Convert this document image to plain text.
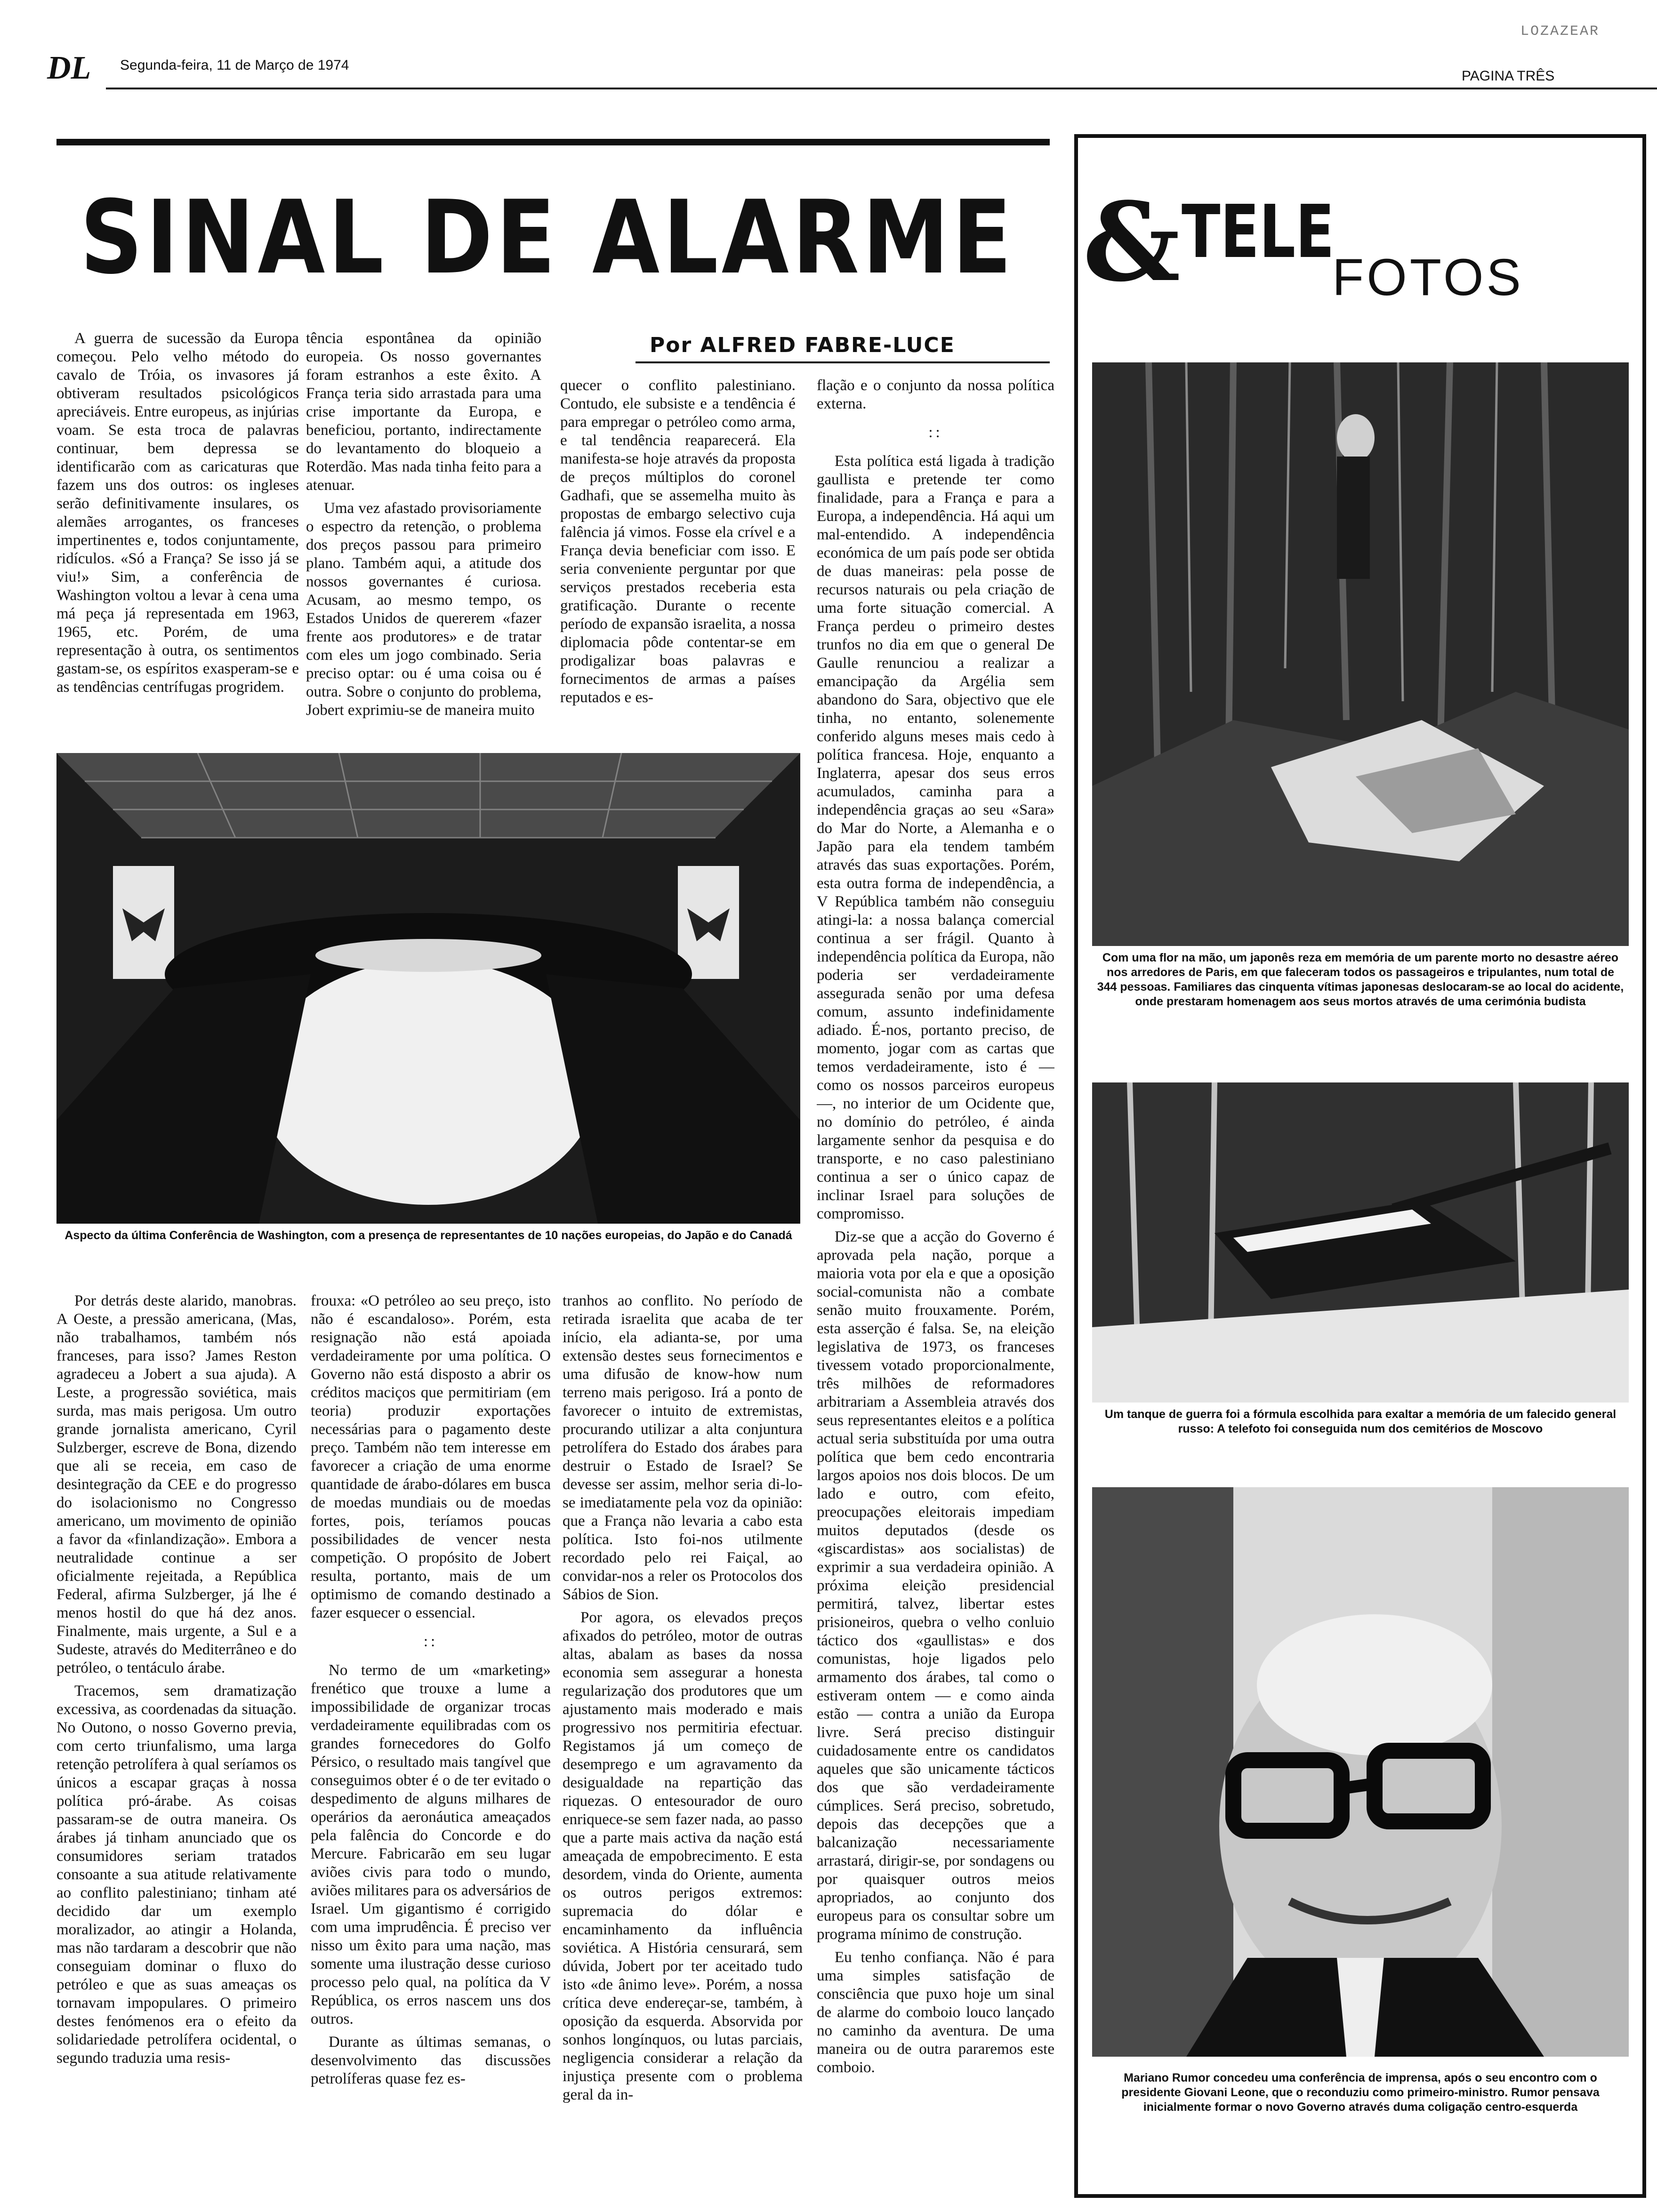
LOZAZEAR
DL Segunda-feira, 11 de Março de 1974
PAGINA TRÊS
SINAL DE ALARME
Por ALFRED FABRE-LUCE

A guerra de sucessão da Europa começou. Pelo velho método do cavalo de Tróia, os invasores já obtiveram resultados psicológicos apreciáveis. Entre europeus, as injúrias voam. Se esta troca de palavras continuar, bem depressa se identificarão com as caricaturas que fazem uns dos outros: os ingleses serão definitivamente insulares, os alemães arrogantes, os franceses impertinentes e, todos conjuntamente, ridículos. «Só a França? Se isso já se viu!» Sim, a conferência de Washington voltou a levar à cena uma má peça já representada em 1963, 1965, etc. Porém, de uma representação à outra, os sentimentos gastam-se, os espíritos exasperam-se e as tendências centrífugas progridem.

tência espontânea da opinião europeia. Os nosso governantes foram estranhos a este êxito. A França teria sido arrastada para uma crise importante da Europa, e beneficiou, portanto, indirectamente do levantamento do bloqueio a Roterdão. Mas nada tinha feito para a atenuar.

Uma vez afastado provisoriamente o espectro da retenção, o problema dos preços passou para primeiro plano. Também aqui, a atitude dos nossos governantes é curiosa. Acusam, ao mesmo tempo, os Estados Unidos de quererem «fazer frente aos produtores» e de tratar com eles um jogo combinado. Seria preciso optar: ou é uma coisa ou é outra. Sobre o conjunto do problema, Jobert exprimiu-se de maneira muito

quecer o conflito palestiniano. Contudo, ele subsiste e a tendência é para empregar o petróleo como arma, e tal tendência reaparecerá. Ela manifesta-se hoje através da proposta de preços múltiplos do coronel Gadhafi, que se assemelha muito às propostas de embargo selectivo cuja falência já vimos. Fosse ela crível e a França devia beneficiar com isso. E seria conveniente perguntar por que serviços prestados receberia esta gratificação. Durante o recente período de expansão israelita, a nossa diplomacia pôde contentar-se em prodigalizar boas palavras e fornecimentos de armas a países reputados e es-

flação e o conjunto da nossa política externa.

::

Esta política está ligada à tradição gaullista e pretende ter como finalidade, para a França e para a Europa, a independência. Há aqui um mal-entendido. A independência económica de um país pode ser obtida de duas maneiras: pela posse de recursos naturais ou pela criação de uma forte situação comercial. A França perdeu o primeiro destes trunfos no dia em que o general De Gaulle renunciou a realizar a emancipação da Argélia sem abandono do Sara, objectivo que ele tinha, no entanto, solenemente conferido alguns meses mais cedo à política francesa. Hoje, enquanto a Inglaterra, apesar dos seus erros acumulados, caminha para a independência graças ao seu «Sara» do Mar do Norte, a Alemanha e o Japão para ela tendem também através das suas exportações. Porém, esta outra forma de independência, a V República também não conseguiu atingi-la: a nossa balança comercial continua a ser frágil. Quanto à independência política da Europa, não poderia ser verdadeiramente assegurada senão por uma defesa comum, assunto indefinidamente adiado. É-nos, portanto preciso, de momento, jogar com as cartas que temos verdadeiramente, isto é — como os nossos parceiros europeus —, no interior de um Ocidente que, no domínio do petróleo, é ainda largamente senhor da pesquisa e do transporte, e no caso palestiniano continua a ser o único capaz de inclinar Israel para soluções de compromisso.

Diz-se que a acção do Governo é aprovada pela nação, porque a maioria vota por ela e que a oposição social-comunista não a combate senão muito frouxamente. Porém, esta asserção é falsa. Se, na eleição legislativa de 1973, os franceses tivessem votado proporcionalmente, três milhões de reformadores arbitrariam a Assembleia através dos seus representantes eleitos e a política actual seria substituída por uma outra política que bem cedo encontraria largos apoios nos dois blocos. De um lado e outro, com efeito, preocupações eleitorais impediam muitos deputados (desde os «giscardistas» aos socialistas) de exprimir a sua verdadeira opinião. A próxima eleição presidencial permitirá, talvez, libertar estes prisioneiros, quebra o velho conluio táctico dos «gaullistas» e dos comunistas, hoje ligados pelo armamento dos árabes, tal como o estiveram ontem — e como ainda estão — contra a união da Europa livre. Será preciso distinguir cuidadosamente entre os candidatos aqueles que são unicamente tácticos dos que são verdadeiramente cúmplices. Será preciso, sobretudo, depois das decepções que a balcanização necessariamente arrastará, dirigir-se, por sondagens ou por quaisquer outros meios apropriados, ao conjunto dos europeus para os consultar sobre um programa mínimo de construção.

Eu tenho confiança. Não é para uma simples satisfação de consciência que puxo hoje um sinal de alarme do comboio louco lançado no caminho da aventura. De uma maneira ou de outra pararemos este comboio.

Aspecto da última Conferência de Washington, com a presença de representantes de 10 nações europeias, do Japão e do Canadá

Por detrás deste alarido, manobras. A Oeste, a pressão americana, (Mas, não trabalhamos, também nós franceses, para isso? James Reston agradeceu a Jobert a sua ajuda). A Leste, a progressão soviética, mais surda, mas mais perigosa. Um outro grande jornalista americano, Cyril Sulzberger, escreve de Bona, dizendo que ali se receia, em caso de desintegração da CEE e do progresso do isolacionismo no Congresso americano, um movimento de opinião a favor da «finlandização». Embora a neutralidade continue a ser oficialmente rejeitada, a República Federal, afirma Sulzberger, já lhe é menos hostil do que há dez anos. Finalmente, mais urgente, a Sul e a Sudeste, através do Mediterrâneo e do petróleo, o tentáculo árabe.

Tracemos, sem dramatização excessiva, as coordenadas da situação. No Outono, o nosso Governo previa, com certo triunfalismo, uma larga retenção petrolífera à qual seríamos os únicos a escapar graças à nossa política pró-árabe. As coisas passaram-se de outra maneira. Os árabes já tinham anunciado que os consumidores seriam tratados consoante a sua atitude relativamente ao conflito palestiniano; tinham até decidido dar um exemplo moralizador, ao atingir a Holanda, mas não tardaram a descobrir que não conseguiam dominar o fluxo do petróleo e que as suas ameaças os tornavam impopulares. O primeiro destes fenómenos era o efeito da solidariedade petrolífera ocidental, o segundo traduzia uma resis-

frouxa: «O petróleo ao seu preço, isto não é escandaloso». Porém, esta resignação não está apoiada verdadeiramente por uma política. O Governo não está disposto a abrir os créditos maciços que permitiriam (em teoria) produzir exportações necessárias para o pagamento deste preço. Também não tem interesse em favorecer a criação de uma enorme quantidade de árabo-dólares em busca de moedas mundiais ou de moedas fortes, pois, teríamos poucas possibilidades de vencer nesta competição. O propósito de Jobert resulta, portanto, mais de um optimismo de comando destinado a fazer esquecer o essencial.

::

No termo de um «marketing» frenético que trouxe a lume a impossibilidade de organizar trocas verdadeiramente equilibradas com os grandes fornecedores do Golfo Pérsico, o resultado mais tangível que conseguimos obter é o de ter evitado o despedimento de alguns milhares de operários da aeronáutica ameaçados pela falência do Concorde e do Mercure. Fabricarão em seu lugar aviões civis para todo o mundo, aviões militares para os adversários de Israel. Um gigantismo é corrigido com uma imprudência. É preciso ver nisso um êxito para uma nação, mas somente uma ilustração desse curioso processo pelo qual, na política da V República, os erros nascem uns dos outros.

Durante as últimas semanas, o desenvolvimento das discussões petrolíferas quase fez es-

tranhos ao conflito. No período de retirada israelita que acaba de ter início, ela adianta-se, por uma extensão destes seus fornecimentos e uma difusão de know-how num terreno mais perigoso. Irá a ponto de favorecer o intuito de extremistas, procurando utilizar a alta conjuntura petrolífera do Estado dos árabes para destruir o Estado de Israel? Se devesse ser assim, melhor seria di-lo-se imediatamente pela voz da opinião: que a França não levaria a cabo esta política. Isto foi-nos utilmente recordado pelo rei Faiçal, ao convidar-nos a reler os Protocolos dos Sábios de Sion.

Por agora, os elevados preços afixados do petróleo, motor de outras altas, abalam as bases da nossa economia sem assegurar a honesta regularização dos produtores que um ajustamento mais moderado e mais progressivo nos permitiria efectuar. Registamos já um começo de desemprego e um agravamento da desigualdade na repartição das riquezas. O entesourador de ouro enriquece-se sem fazer nada, ao passo que a parte mais activa da nação está ameaçada de empobrecimento. E esta desordem, vinda do Oriente, aumenta os outros perigos extremos: supremacia do dólar e encaminhamento da influência soviética. A História censurará, sem dúvida, Jobert por ter aceitado tudo isto «de ânimo leve». Porém, a nossa crítica deve endereçar-se, também, à oposição da esquerda. Absorvida por sonhos longínquos, ou lutas parciais, negligencia considerar a relação da injustiça presente com o problema geral da in-

& TELE
FOTOS
Com uma flor na mão, um japonês reza em memória de um parente morto no desastre aéreo nos arredores de Paris, em que faleceram todos os passageiros e tripulantes, num total de 344 pessoas. Familiares das cinquenta vítimas japonesas deslocaram-se ao local do acidente, onde prestaram homenagem aos seus mortos através de uma cerimónia budista
Um tanque de guerra foi a fórmula escolhida para exaltar a memória de um falecido general russo: A telefoto foi conseguida num dos cemitérios de Moscovo
Mariano Rumor concedeu uma conferência de imprensa, após o seu encontro com o presidente Giovani Leone, que o reconduziu como primeiro-ministro. Rumor pensava inicialmente formar o novo Governo através duma coligação centro-esquerda
